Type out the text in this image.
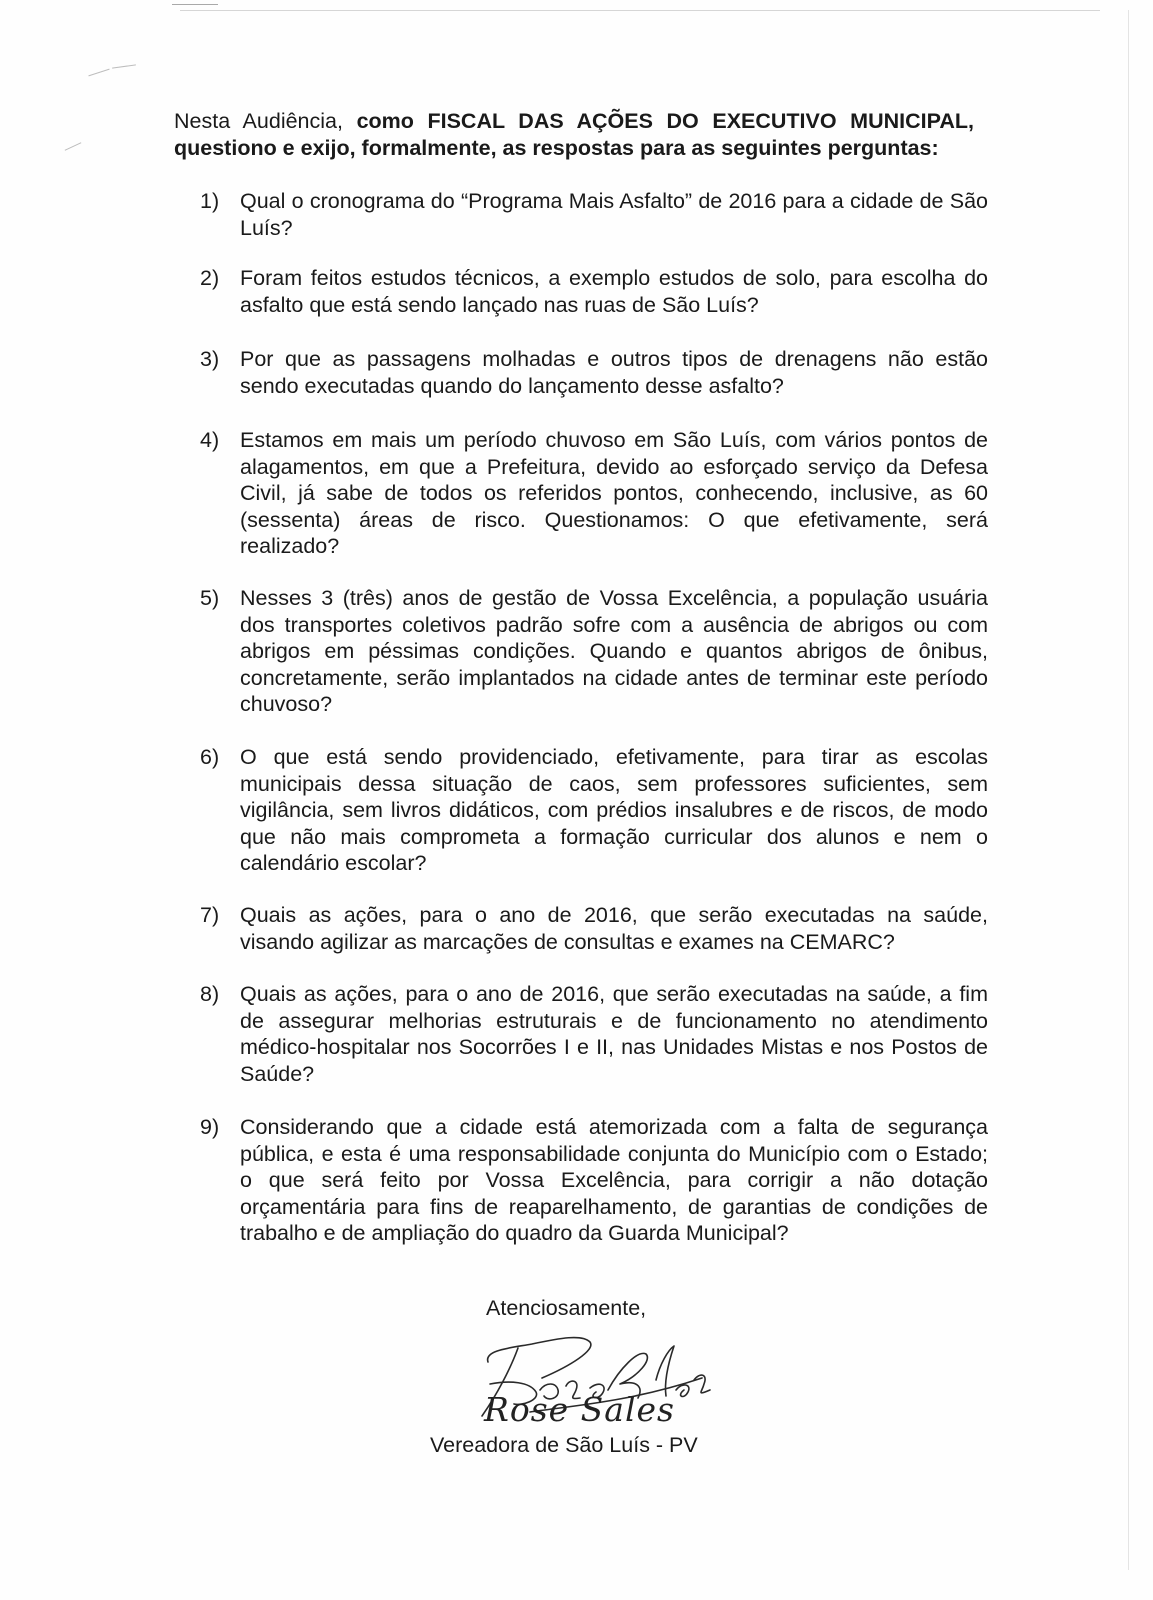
Nesta Audiência, como FISCAL DAS AÇÕES DO EXECUTIVO MUNICIPAL, questiono e exijo, formalmente, as respostas para as seguintes perguntas:

1) Qual o cronograma do “Programa Mais Asfalto” de 2016 para a cidade de São Luís?
2) Foram feitos estudos técnicos, a exemplo estudos de solo, para escolha do asfalto que está sendo lançado nas ruas de São Luís?
3) Por que as passagens molhadas e outros tipos de drenagens não estão sendo executadas quando do lançamento desse asfalto?
4) Estamos em mais um período chuvoso em São Luís, com vários pontos de alagamentos, em que a Prefeitura, devido ao esforçado serviço da Defesa Civil, já sabe de todos os referidos pontos, conhecendo, inclusive, as 60 (sessenta) áreas de risco. Questionamos: O que efetivamente, será realizado?
5) Nesses 3 (três) anos de gestão de Vossa Excelência, a população usuária dos transportes coletivos padrão sofre com a ausência de abrigos ou com abrigos em péssimas condições. Quando e quantos abrigos de ônibus, concretamente, serão implantados na cidade antes de terminar este período chuvoso?
6) O que está sendo providenciado, efetivamente, para tirar as escolas municipais dessa situação de caos, sem professores suficientes, sem vigilância, sem livros didáticos, com prédios insalubres e de riscos, de modo que não mais comprometa a formação curricular dos alunos e nem o calendário escolar?
7) Quais as ações, para o ano de 2016, que serão executadas na saúde, visando agilizar as marcações de consultas e exames na CEMARC?
8) Quais as ações, para o ano de 2016, que serão executadas na saúde, a fim de assegurar melhorias estruturais e de funcionamento no atendimento médico-hospitalar nos Socorrões I e II, nas Unidades Mistas e nos Postos de Saúde?
9) Considerando que a cidade está atemorizada com a falta de segurança pública, e esta é uma responsabilidade conjunta do Município com o Estado; o que será feito por Vossa Excelência, para corrigir a não dotação orçamentária para fins de reaparelhamento, de garantias de condições de trabalho e de ampliação do quadro da Guarda Municipal?
Atenciosamente,
Rose Sales
Vereadora de São Luís - PV
